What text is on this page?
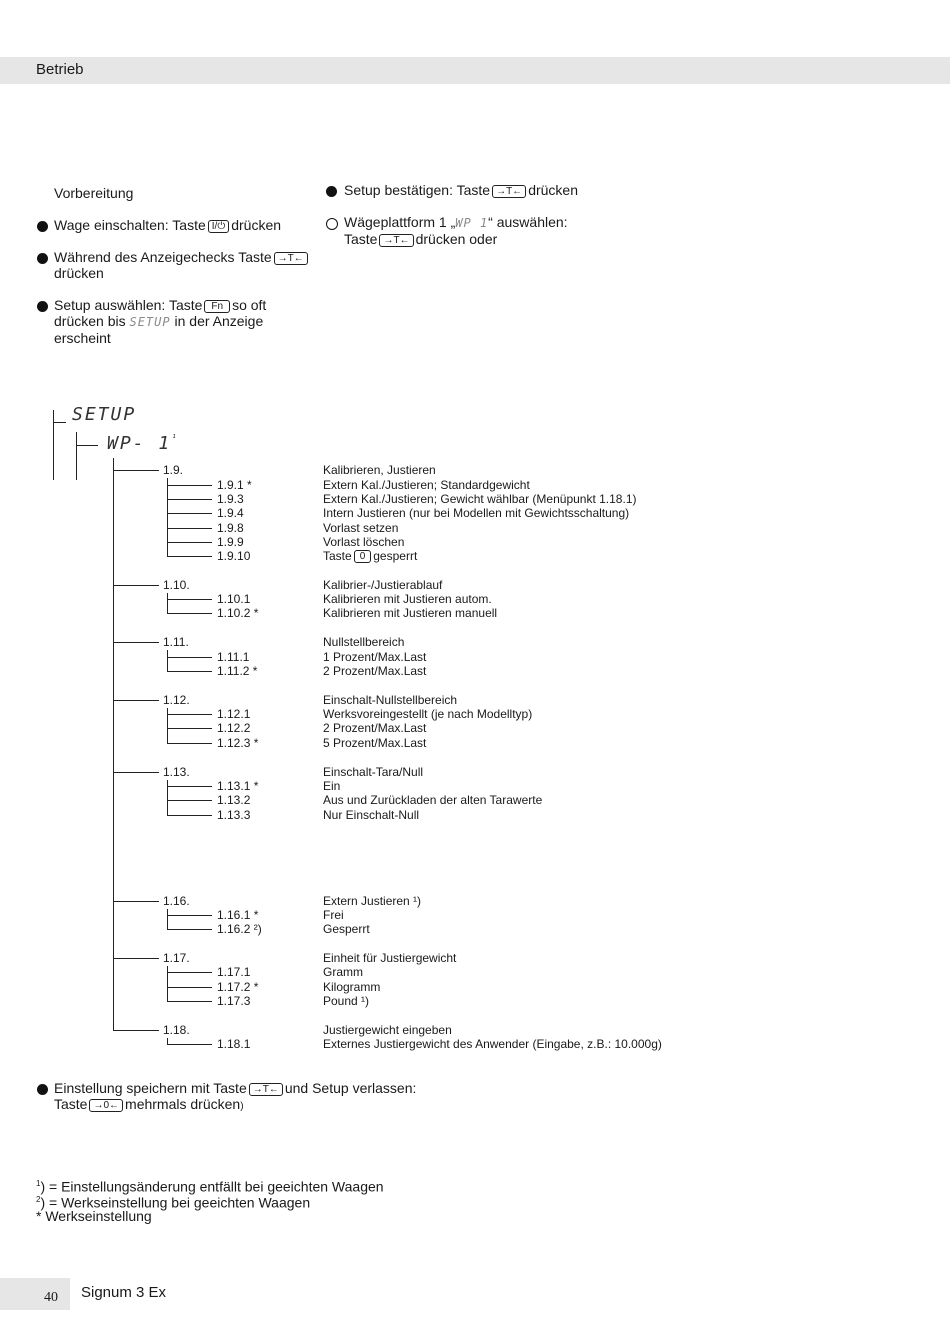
Betrieb
Vorbereitung
Wage einschalten: Taste I/⏻ drücken
Während des Anzeigechecks Taste →T←
drücken
Setup auswählen: Taste Fn so oft
drücken bis SETUP in der Anzeige
erscheint
Setup bestätigen: Taste →T← drücken
Wägeplattform 1 „WP 1“ auswählen:
Taste →T← drücken oder
SETUP
WP- $1^{^1}$
1.9.	Kalibrieren, Justieren
1.9.1 *	Extern Kal./Justieren; Standardgewicht
1.9.3	Extern Kal./Justieren; Gewicht wählbar (Menüpunkt 1.18.1)
1.9.4	Intern Justieren (nur bei Modellen mit Gewichtsschaltung)
1.9.8	Vorlast setzen
1.9.9	Vorlast löschen
1.9.10	Taste 0 gesperrt
1.10.	Kalibrier-/Justierablauf
1.10.1	Kalibrieren mit Justieren autom.
1.10.2 *	Kalibrieren mit Justieren manuell
1.11.	Nullstellbereich
1.11.1	1 Prozent/Max.Last
1.11.2 *	2 Prozent/Max.Last
1.12.	Einschalt-Nullstellbereich
1.12.1	Werksvoreingestellt (je nach Modelltyp)
1.12.2	2 Prozent/Max.Last
1.12.3 *	5 Prozent/Max.Last
1.13.	Einschalt-Tara/Null
1.13.1 *	Ein
1.13.2	Aus und Zurückladen der alten Tarawerte
1.13.3	Nur Einschalt-Null
1.16.	Extern Justieren ¹)
1.16.1 *	Frei
1.16.2 ²)	Gesperrt
1.17.	Einheit für Justiergewicht
1.17.1	Gramm
1.17.2 *	Kilogramm
1.17.3	Pound ¹)
1.18.	Justiergewicht eingeben
1.18.1	Externes Justiergewicht des Anwender (Eingabe, z.B.: 10.000g)
Einstellung speichern mit Taste →T← und Setup verlassen:
Taste →0← mehrmals drücken)
$^1$) = Einstellungsänderung entfällt bei geeichten Waagen
$^2$) = Werkseinstellung bei geeichten Waagen
* Werkseinstellung
40 Signum 3 Ex
